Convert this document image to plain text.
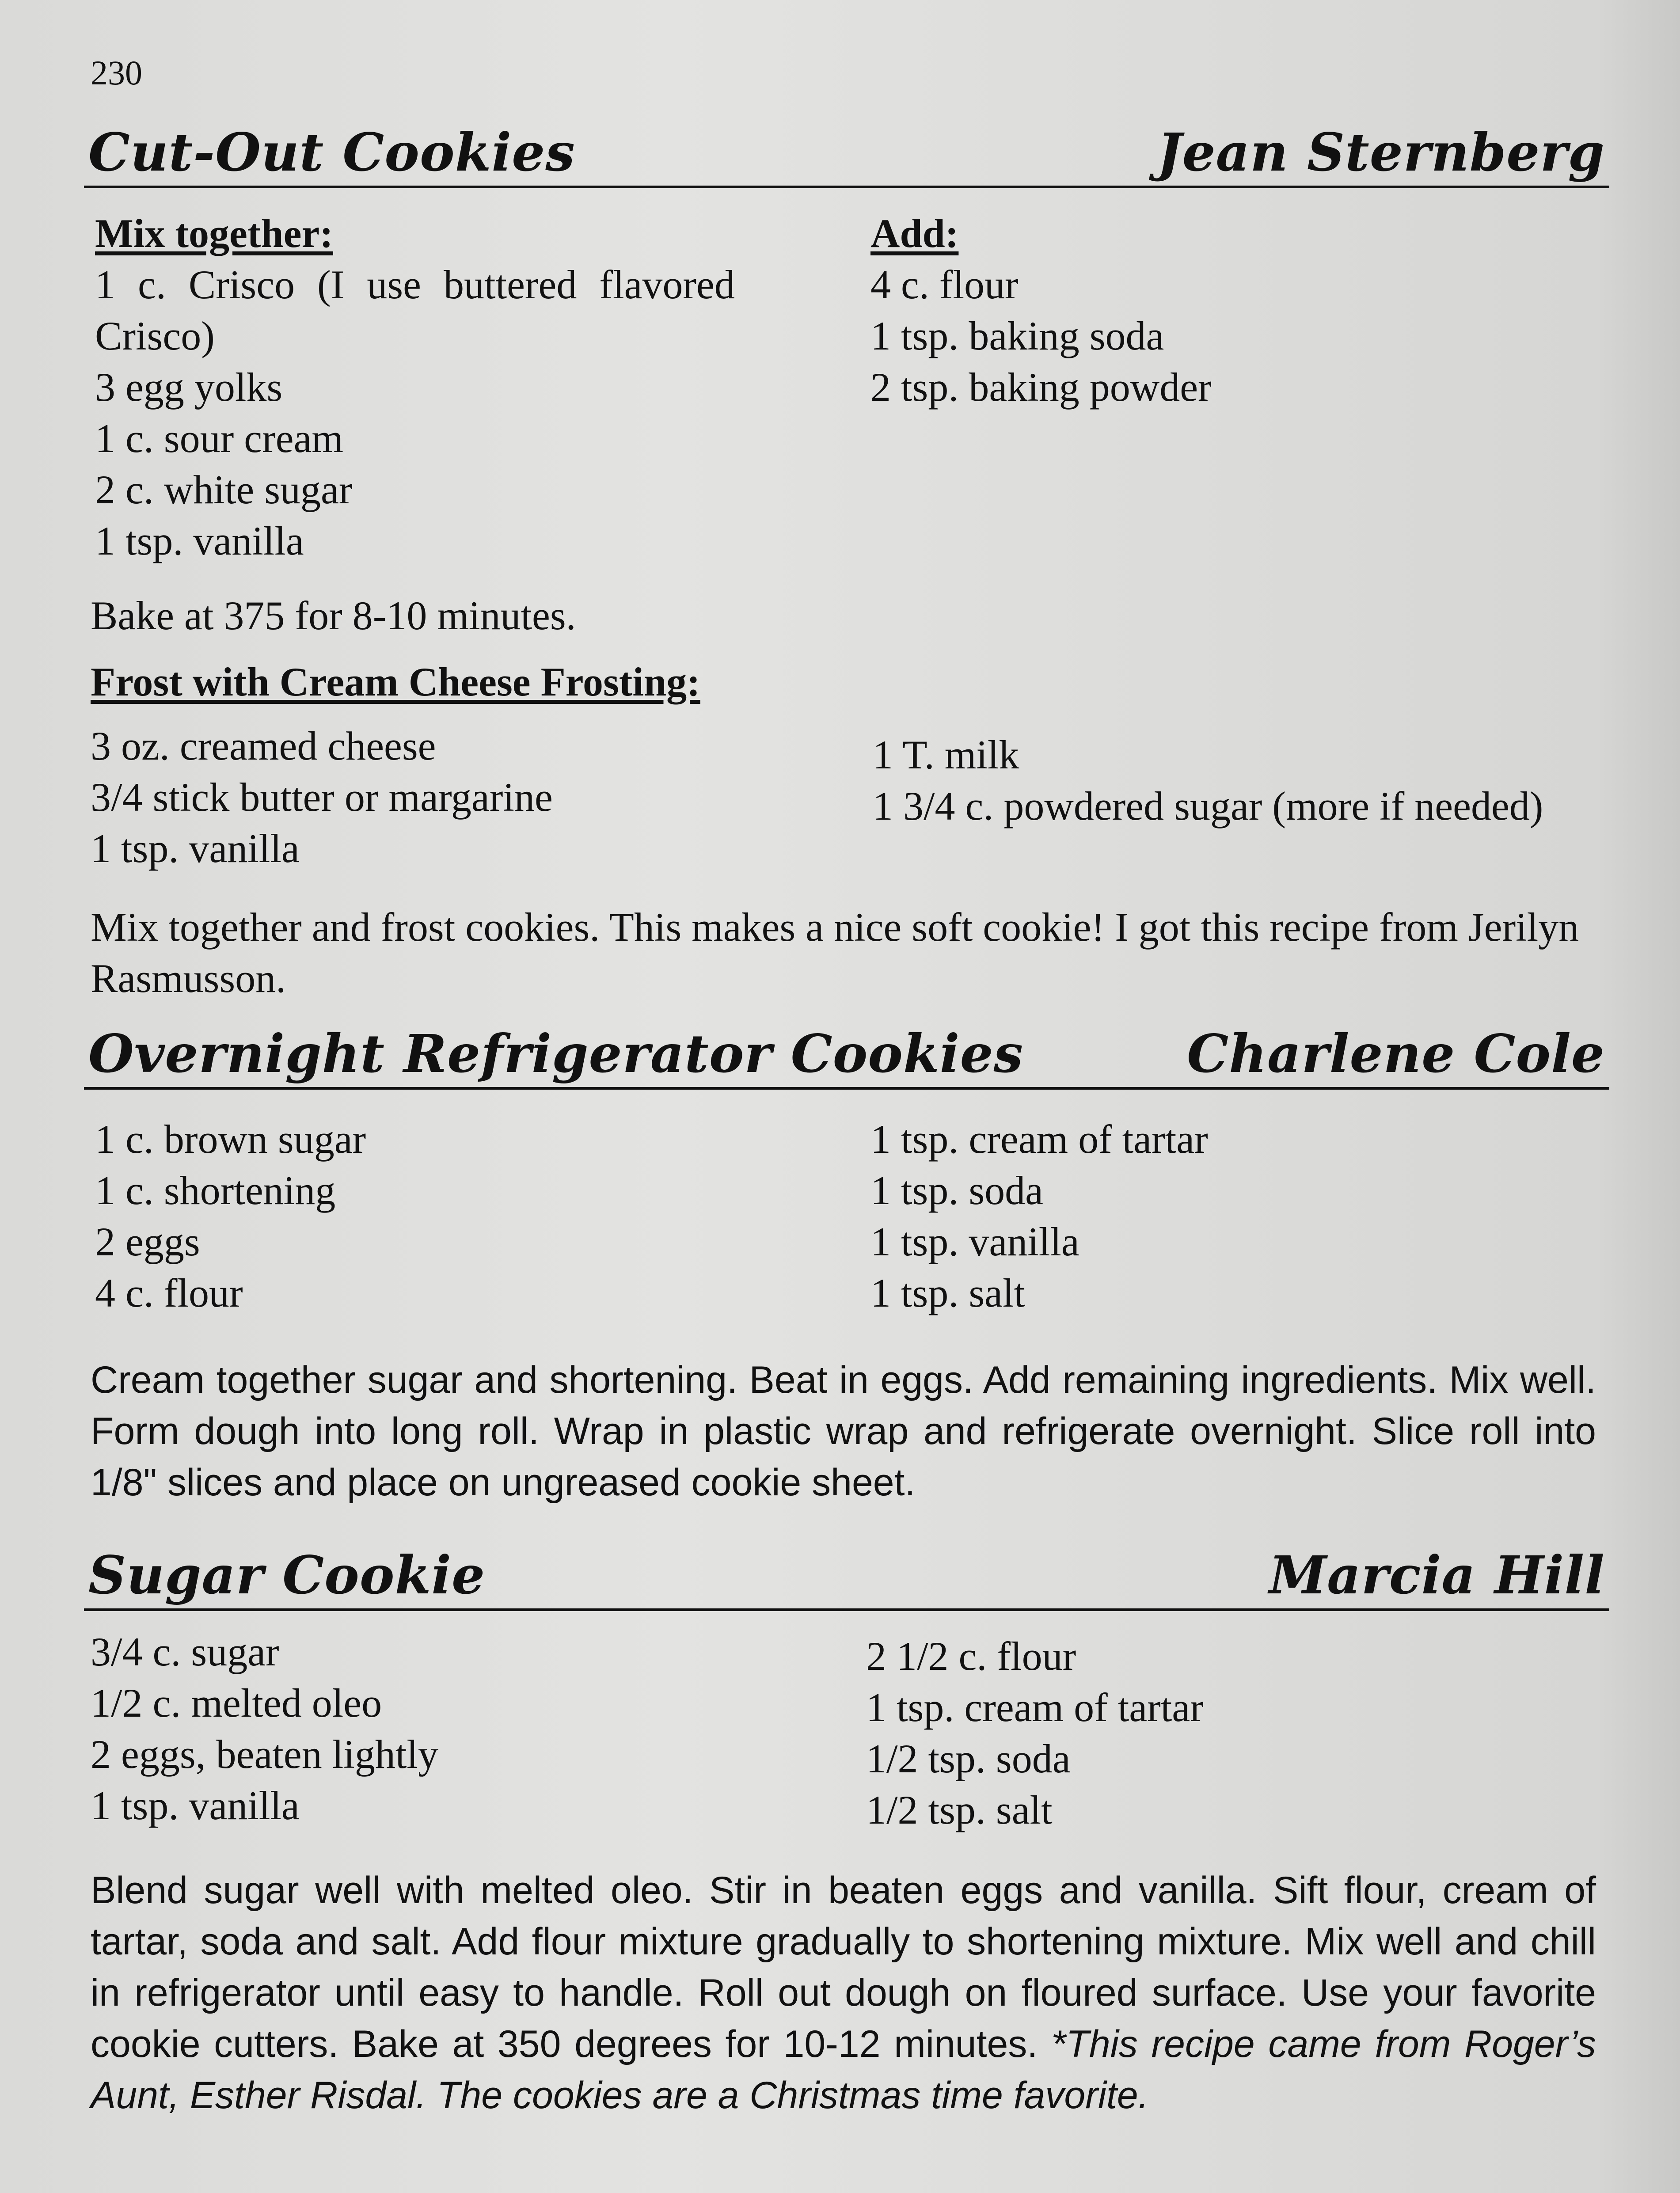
230
Cut-Out Cookies	Jean Sternberg
Mix together:
1 c. Crisco (I use buttered flavored
Crisco)
3 egg yolks
1 c. sour cream
2 c. white sugar
1 tsp. vanilla
Add:
4 c. flour
1 tsp. baking soda
2 tsp. baking powder
Bake at 375 for 8-10 minutes.
Frost with Cream Cheese Frosting:
3 oz. creamed cheese
3/4 stick butter or margarine
1 tsp. vanilla
1 T. milk
1 3/4 c. powdered sugar (more if needed)
Mix together and frost cookies. This makes a nice soft cookie! I got this recipe from Jerilyn Rasmusson.
Overnight Refrigerator Cookies	Charlene Cole
1 c. brown sugar
1 c. shortening
2 eggs
4 c. flour
1 tsp. cream of tartar
1 tsp. soda
1 tsp. vanilla
1 tsp. salt
Cream together sugar and shortening. Beat in eggs. Add remaining ingredients. Mix well. Form dough into long roll. Wrap in plastic wrap and refrigerate overnight. Slice roll into 1/8" slices and place on ungreased cookie sheet.
Sugar Cookie	Marcia Hill
3/4 c. sugar
1/2 c. melted oleo
2 eggs, beaten lightly
1 tsp. vanilla
2 1/2 c. flour
1 tsp. cream of tartar
1/2 tsp. soda
1/2 tsp. salt
Blend sugar well with melted oleo. Stir in beaten eggs and vanilla. Sift flour, cream of tartar, soda and salt. Add flour mixture gradually to shortening mixture. Mix well and chill in refrigerator until easy to handle. Roll out dough on floured surface. Use your favorite cookie cutters. Bake at 350 degrees for 10-12 minutes. *This recipe came from Roger’s Aunt, Esther Risdal. The cookies are a Christmas time favorite.
